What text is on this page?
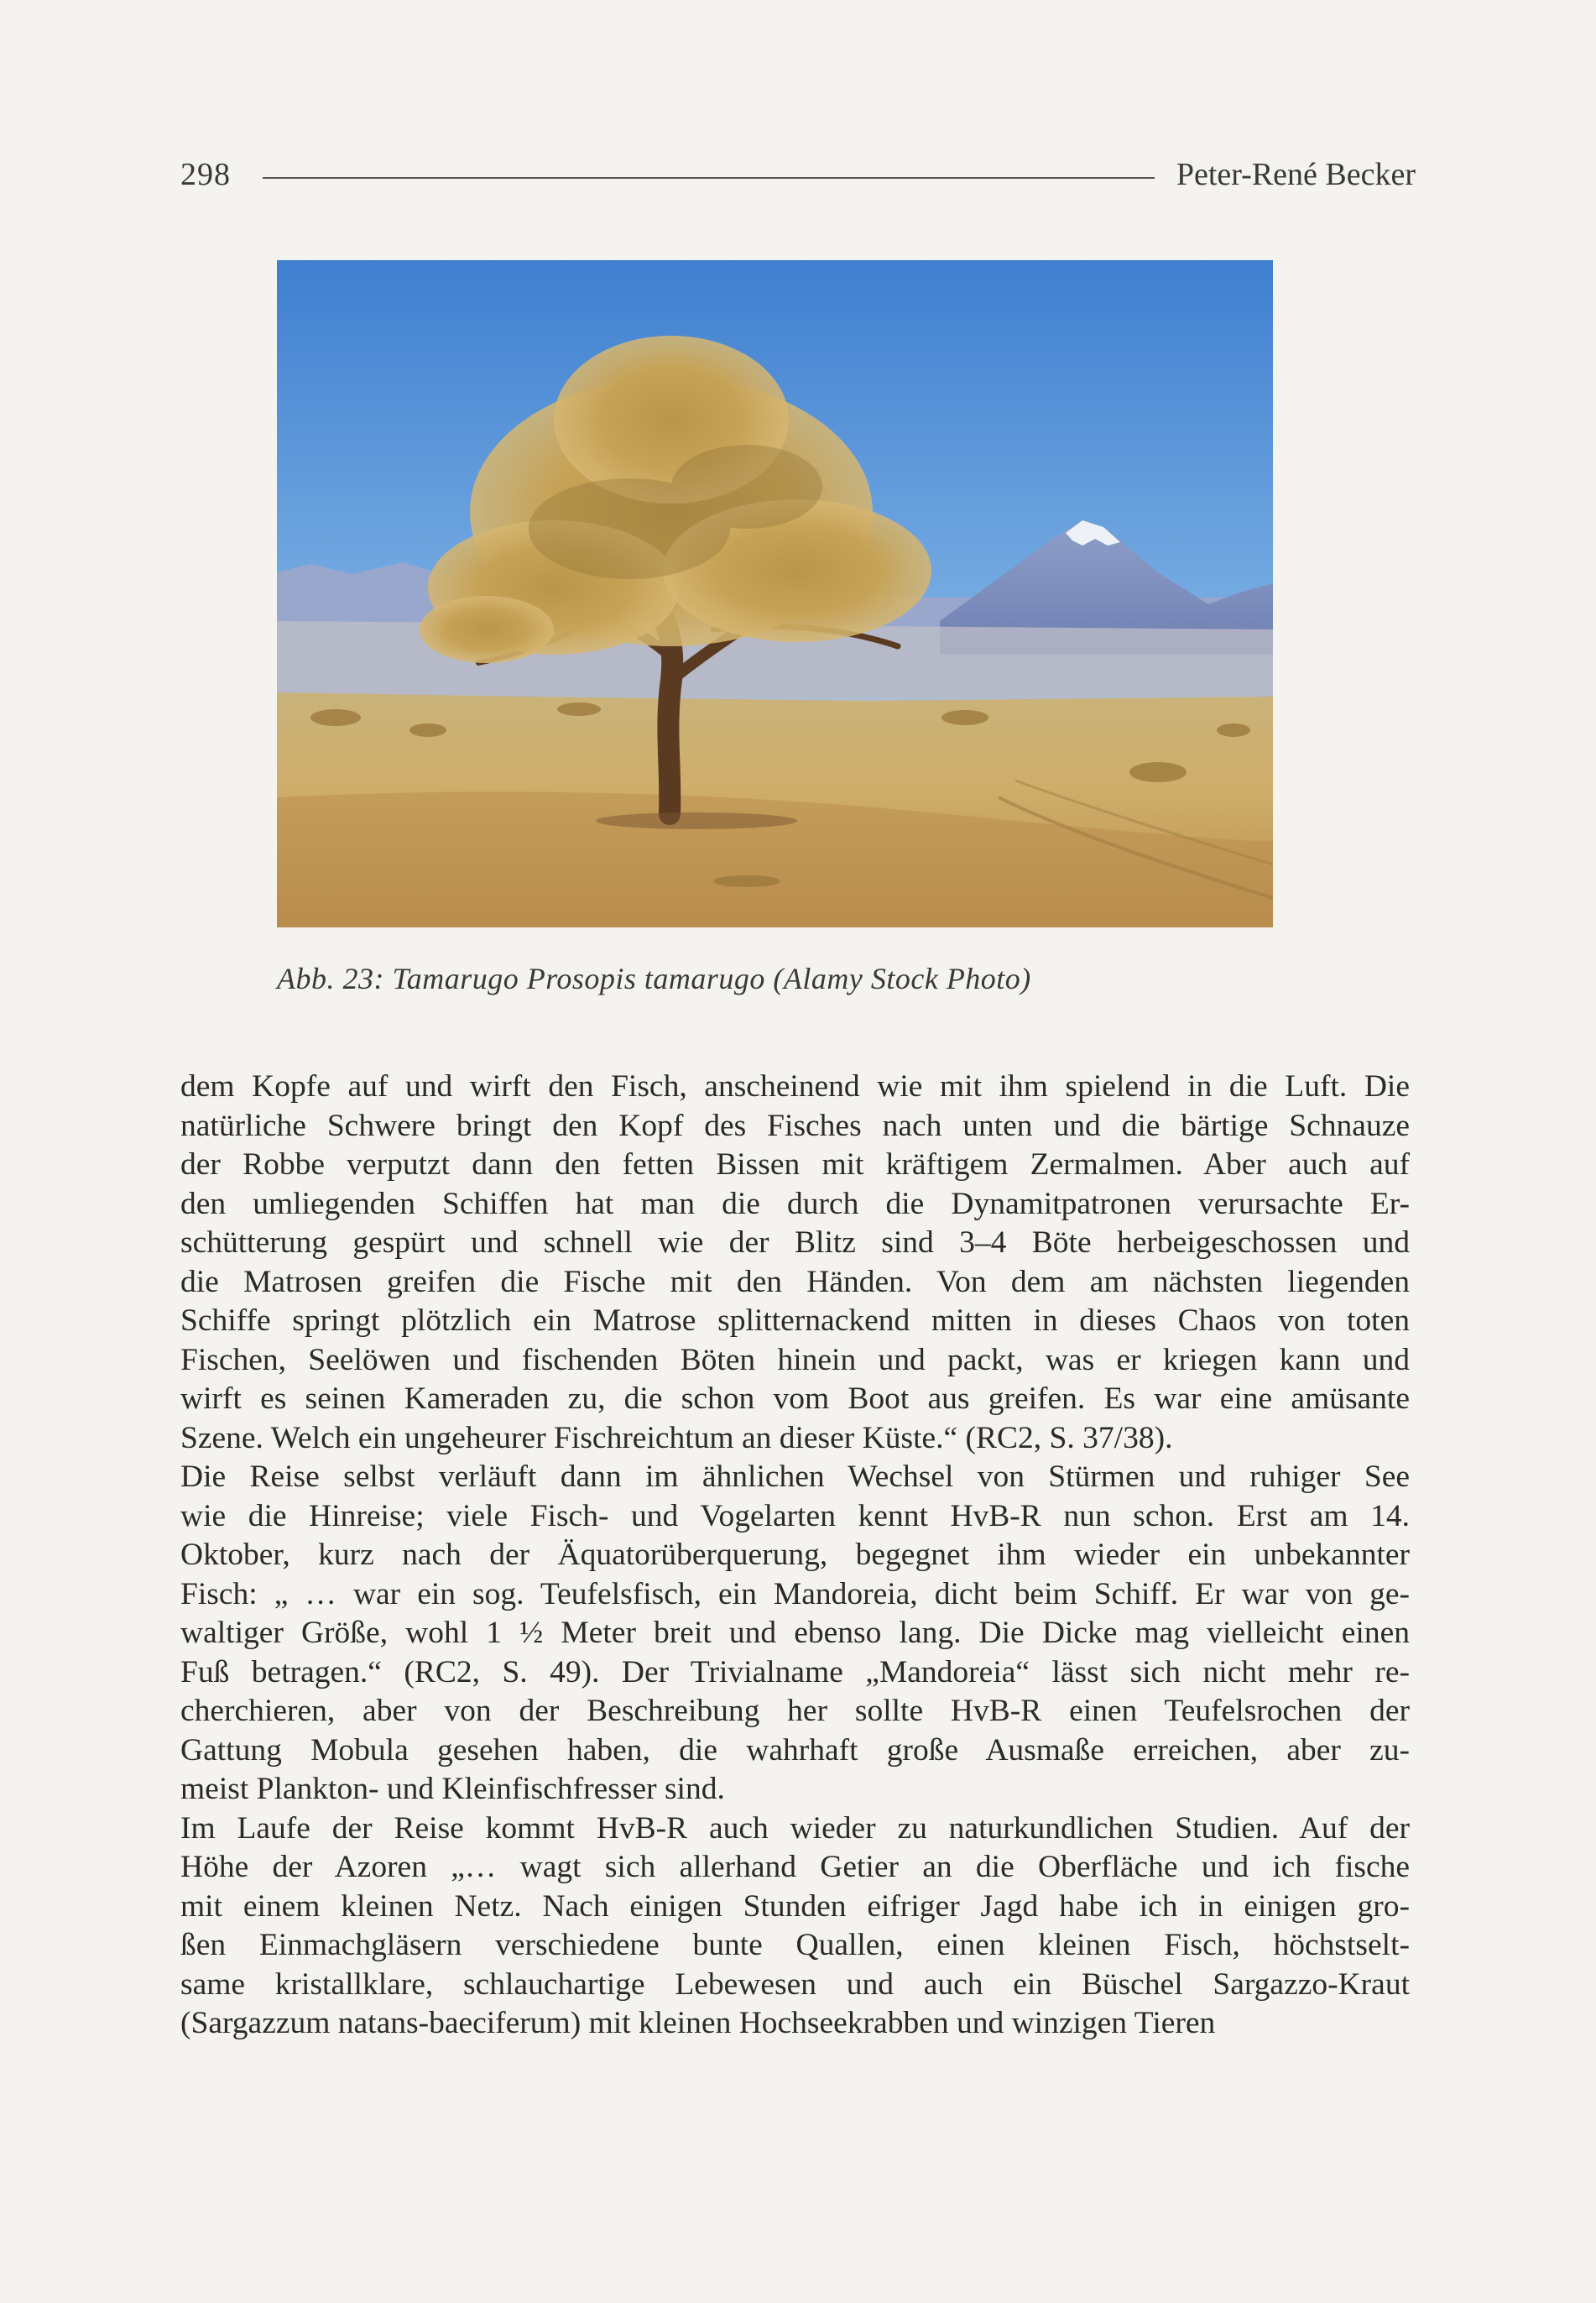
298	Peter-René Becker
Abb. 23: Tamarugo Prosopis tamarugo (Alamy Stock Photo)
dem Kopfe auf und wirft den Fisch, anscheinend wie mit ihm spielend in die Luft. Die
natürliche Schwere bringt den Kopf des Fisches nach unten und die bärtige Schnauze
der Robbe verputzt dann den fetten Bissen mit kräftigem Zermalmen. Aber auch auf
den umliegenden Schiffen hat man die durch die Dynamitpatronen verursachte Er-
schütterung gespürt und schnell wie der Blitz sind 3–4 Böte herbeigeschossen und
die Matrosen greifen die Fische mit den Händen. Von dem am nächsten liegenden
Schiffe springt plötzlich ein Matrose splitternackend mitten in dieses Chaos von toten
Fischen, Seelöwen und fischenden Böten hinein und packt, was er kriegen kann und
wirft es seinen Kameraden zu, die schon vom Boot aus greifen. Es war eine amüsante
Szene. Welch ein ungeheurer Fischreichtum an dieser Küste.“ (RC2, S. 37/38).
Die Reise selbst verläuft dann im ähnlichen Wechsel von Stürmen und ruhiger See
wie die Hinreise; viele Fisch- und Vogelarten kennt HvB-R nun schon. Erst am 14.
Oktober, kurz nach der Äquatorüberquerung, begegnet ihm wieder ein unbekannter
Fisch: „ … war ein sog. Teufelsfisch, ein Mandoreia, dicht beim Schiff. Er war von ge-
waltiger Größe, wohl 1 ½ Meter breit und ebenso lang. Die Dicke mag vielleicht einen
Fuß betragen.“ (RC2, S. 49). Der Trivialname „Mandoreia“ lässt sich nicht mehr re-
cherchieren, aber von der Beschreibung her sollte HvB-R einen Teufelsrochen der
Gattung Mobula gesehen haben, die wahrhaft große Ausmaße erreichen, aber zu-
meist Plankton- und Kleinfischfresser sind.
Im Laufe der Reise kommt HvB-R auch wieder zu naturkundlichen Studien. Auf der
Höhe der Azoren „… wagt sich allerhand Getier an die Oberfläche und ich fische
mit einem kleinen Netz. Nach einigen Stunden eifriger Jagd habe ich in einigen gro-
ßen Einmachgläsern verschiedene bunte Quallen, einen kleinen Fisch, höchstselt-
same kristallklare, schlauchartige Lebewesen und auch ein Büschel Sargazzo-Kraut
(Sargazzum natans-baeciferum) mit kleinen Hochseekrabben und winzigen Tieren
